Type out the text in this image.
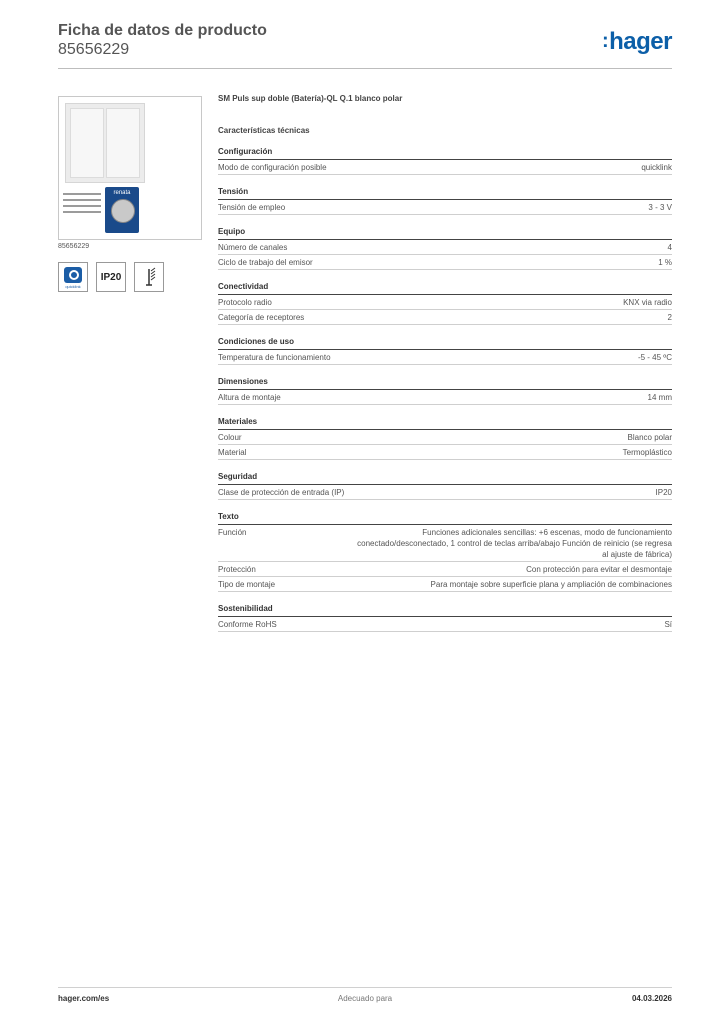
Ficha de datos de producto
85656229	:hager
renata
85656229
quicklink
IP20
SM Puls sup doble (Batería)-QL Q.1 blanco polar
Características técnicas
Configuración
Modo de configuración posible	quicklink
Tensión
Tensión de empleo	3 - 3 V
Equipo
Número de canales	4
Ciclo de trabajo del emisor	1 %
Conectividad
Protocolo radio	KNX via radio
Categoría de receptores	2
Condiciones de uso
Temperatura de funcionamiento	-5 - 45 ºC
Dimensiones
Altura de montaje	14 mm
Materiales
Colour	Blanco polar
Material	Termoplástico
Seguridad
Clase de protección de entrada (IP)	IP20
Texto
Función	Funciones adicionales sencillas: +6 escenas, modo de funcionamiento conectado/desconectado, 1 control de teclas arriba/abajo Función de reinicio (se regresa al ajuste de fábrica)
Protección	Con protección para evitar el desmontaje
Tipo de montaje	Para montaje sobre superficie plana y ampliación de combinaciones
Sostenibilidad
Conforme RoHS	Sí
hager.com/es	Adecuado para	04.03.2026
